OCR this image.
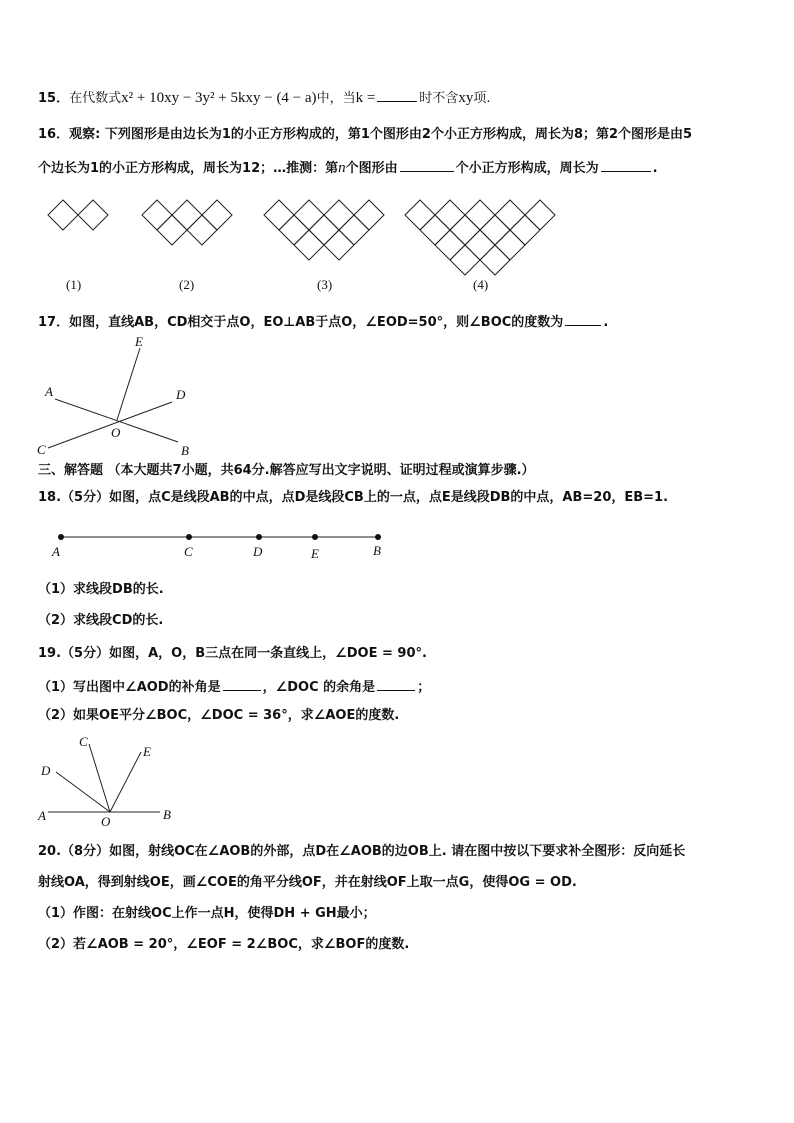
15．在代数式x² + 10xy − 3y² + 5kxy − (4 − a)中，当k =	时不含xy项.
16．观察: 下列图形是由边长为1的小正方形构成的，第1个图形由2个小正方形构成，周长为8；第2个图形是由5
个边长为1的小正方形构成，周长为12；…推测：第n个图形由	个小正方形构成，周长为	.
(1)	(2)	(3)	(4)
17．如图，直线AB，CD相交于点O，EO⊥AB于点O，∠EOD=50°，则∠BOC的度数为	.
E
A	D
O
C	B
三、解答题 （本大题共7小题，共64分.解答应写出文字说明、证明过程或演算步骤.）
18.（5分）如图，点C是线段AB的中点，点D是线段CB上的一点，点E是线段DB的中点，AB=20，EB=1.
A	C	D	E	B
（1）求线段DB的长.
（2）求线段CD的长.
19.（5分）如图，A，O，B三点在同一条直线上，∠DOE = 90°.
（1）写出图中∠AOD的补角是	，∠DOC 的余角是	；
（2）如果OE平分∠BOC，∠DOC = 36°，求∠AOE的度数.
C
E
D
A	O	B
20.（8分）如图，射线OC在∠AOB的外部，点D在∠AOB的边OB上. 请在图中按以下要求补全图形：反向延长
射线OA，得到射线OE，画∠COE的角平分线OF，并在射线OF上取一点G，使得OG = OD.
（1）作图：在射线OC上作一点H，使得DH + GH最小；
（2）若∠AOB = 20°，∠EOF = 2∠BOC，求∠BOF的度数.
